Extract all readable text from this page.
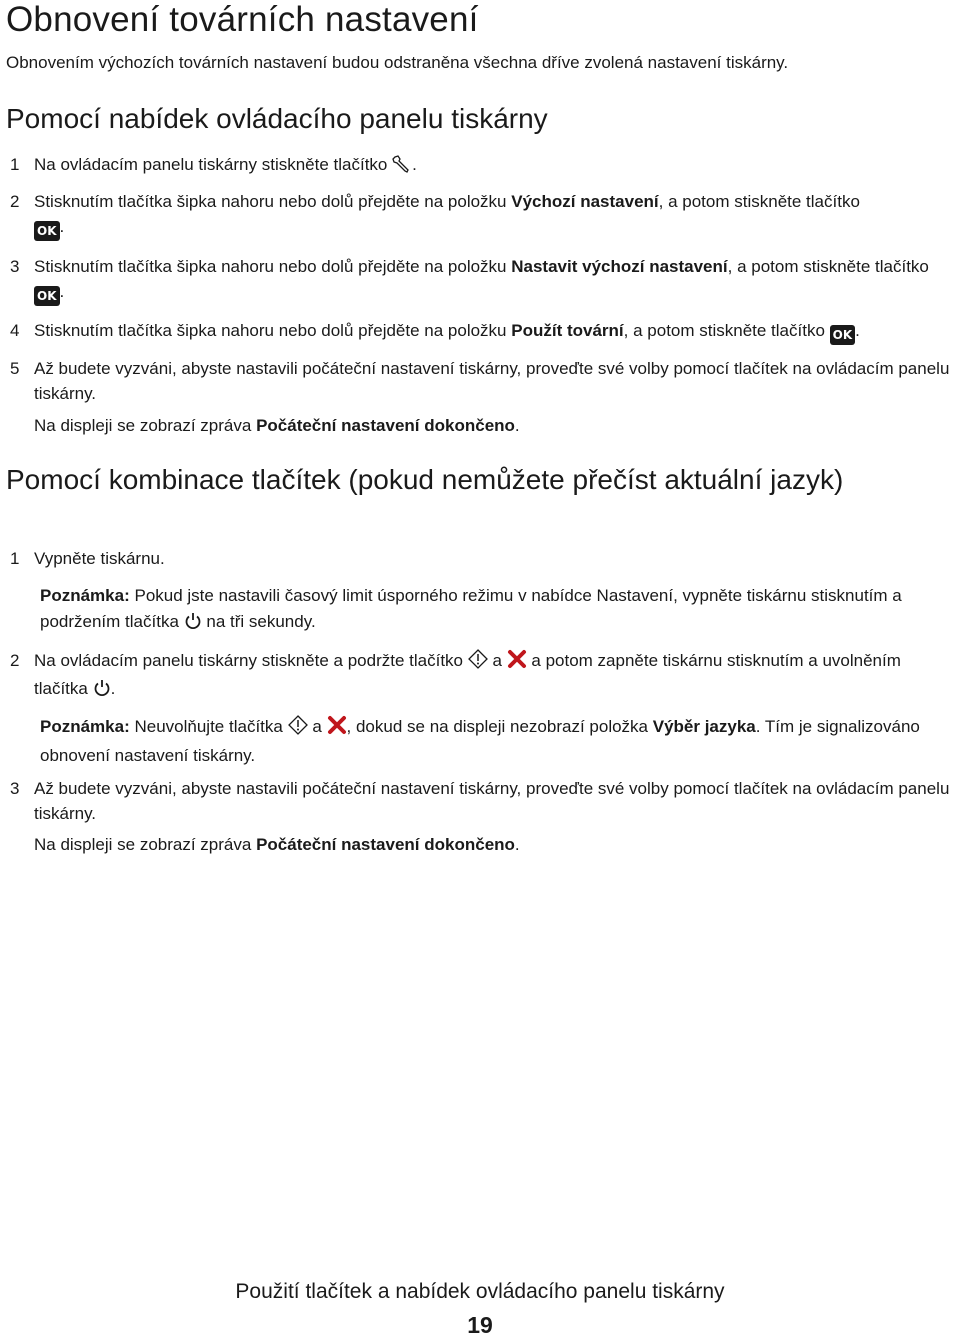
Obnovení továrních nastavení

Obnovením výchozích továrních nastavení budou odstraněna všechna dříve zvolená nastavení tiskárny.

Pomocí nabídek ovládacího panelu tiskárny
1 Na ovládacím panelu tiskárny stiskněte tlačítko .
2 Stisknutím tlačítka šipka nahoru nebo dolů přejděte na položku Výchozí nastavení, a potom stiskněte tlačítko
OK .
3 Stisknutím tlačítka šipka nahoru nebo dolů přejděte na položku Nastavit výchozí nastavení, a potom stiskněte tlačítko OK .
4 Stisknutím tlačítka šipka nahoru nebo dolů přejděte na položku Použít tovární, a potom stiskněte tlačítko OK .
5 Až budete vyzváni, abyste nastavili počáteční nastavení tiskárny, proveďte své volby pomocí tlačítek na ovládacím panelu tiskárny.
Na displeji se zobrazí zpráva Počáteční nastavení dokončeno.
Pomocí kombinace tlačítek (pokud nemůžete přečíst aktuální jazyk)
1 Vypněte tiskárnu.
Poznámka: Pokud jste nastavili časový limit úsporného režimu v nabídce Nastavení, vypněte tiskárnu stisknutím a podržením tlačítka na tři sekundy.
2 Na ovládacím panelu tiskárny stiskněte a podržte tlačítko a a potom zapněte tiskárnu stisknutím a uvolněním tlačítka .
Poznámka: Neuvolňujte tlačítka a , dokud se na displeji nezobrazí položka Výběr jazyka. Tím je signalizováno obnovení nastavení tiskárny.
3 Až budete vyzváni, abyste nastavili počáteční nastavení tiskárny, proveďte své volby pomocí tlačítek na ovládacím panelu tiskárny.
Na displeji se zobrazí zpráva Počáteční nastavení dokončeno.

Použití tlačítek a nabídek ovládacího panelu tiskárny

19
